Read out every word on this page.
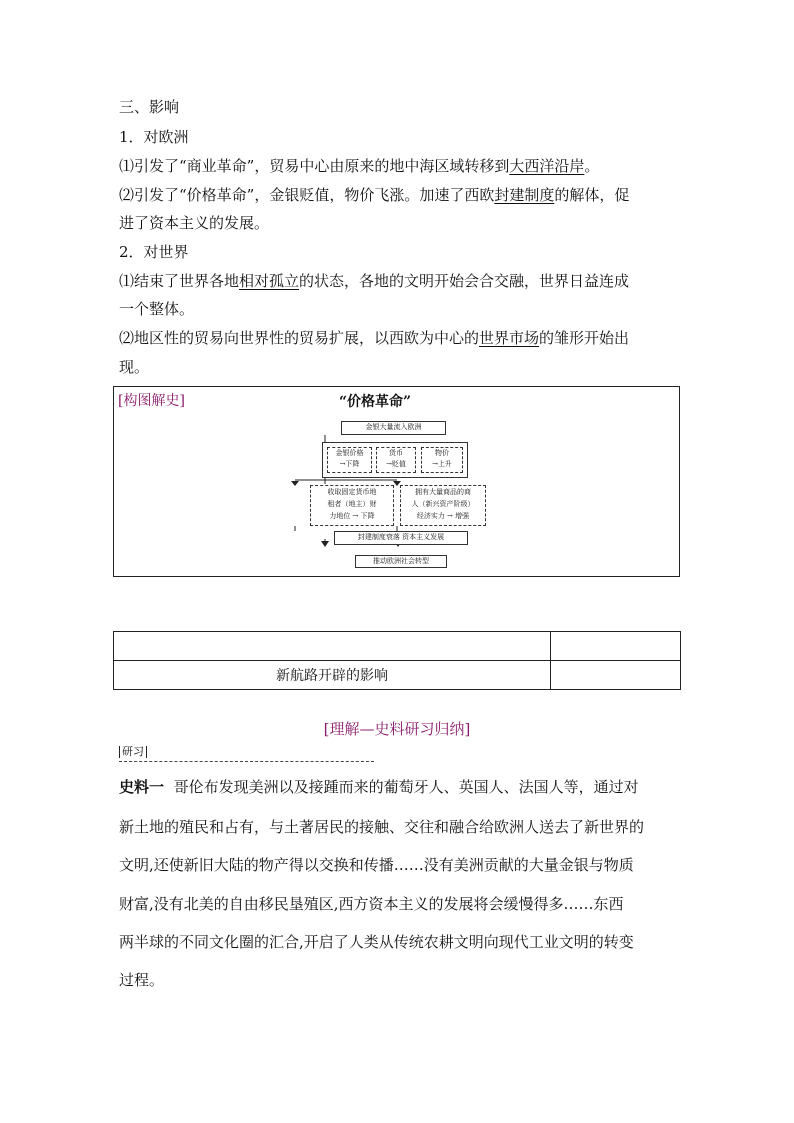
三、影响
1．对欧洲
⑴引发了“商业革命”，贸易中心由原来的地中海区域转移到大西洋沿岸。
⑵引发了“价格革命”，金银贬值，物价飞涨。加速了西欧封建制度的解体，促
进了资本主义的发展。
2．对世界
⑴结束了世界各地相对孤立的状态，各地的文明开始会合交融，世界日益连成
一个整体。
⑵地区性的贸易向世界性的贸易扩展，以西欧为中心的世界市场的雏形开始出
现。
[构图解史]	“价格革命”
金银大量流入欧洲
金银价格
→下降
货币
→贬值
物价
→上升
收取固定货币地
租者（地主）财
力地位 → 下降
拥有大量商品的商
人（新兴资产阶级）
经济实力 → 增强
封建制度衰落 资本主义发展
推动欧洲社会转型

新航路开辟的影响	
[理解—史料研习归纳]
研习
史料一 哥伦布发现美洲以及接踵而来的葡萄牙人、英国人、法国人等，通过对
新土地的殖民和占有，与土著居民的接触、交往和融合给欧洲人送去了新世界的
文明,还使新旧大陆的物产得以交换和传播……没有美洲贡献的大量金银与物质
财富,没有北美的自由移民垦殖区,西方资本主义的发展将会缓慢得多……东西
两半球的不同文化圈的汇合,开启了人类从传统农耕文明向现代工业文明的转变
过程。
